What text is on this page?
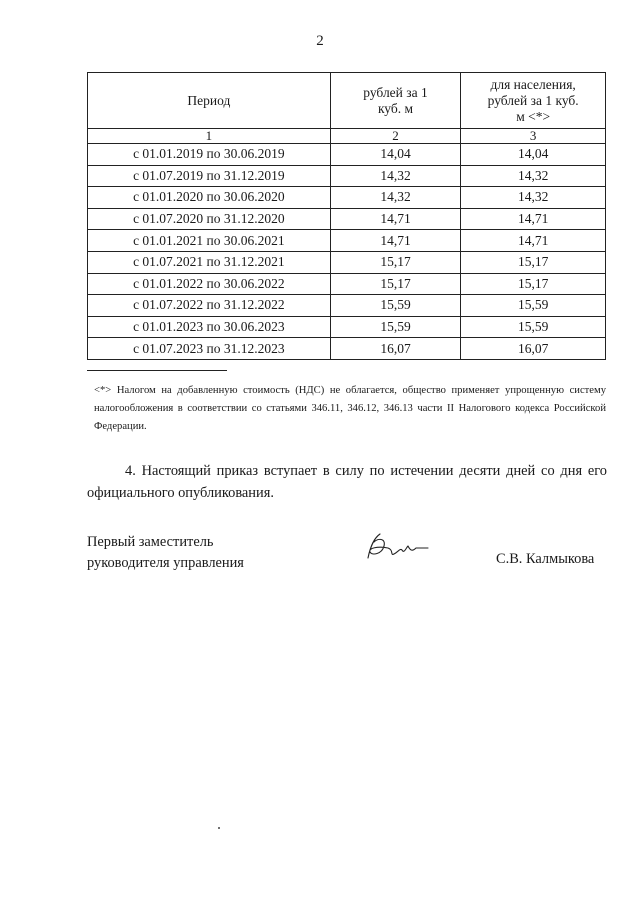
2
Период	рублей за 1 куб. м	для населения, рублей за 1 куб. м <*>
1	2	3
с 01.01.2019 по 30.06.2019	14,04	14,04
с 01.07.2019 по 31.12.2019	14,32	14,32
с 01.01.2020 по 30.06.2020	14,32	14,32
с 01.07.2020 по 31.12.2020	14,71	14,71
с 01.01.2021 по 30.06.2021	14,71	14,71
с 01.07.2021 по 31.12.2021	15,17	15,17
с 01.01.2022 по 30.06.2022	15,17	15,17
с 01.07.2022 по 31.12.2022	15,59	15,59
с 01.01.2023 по 30.06.2023	15,59	15,59
с 01.07.2023 по 31.12.2023	16,07	16,07
<*> Налогом на добавленную стоимость (НДС) не облагается, общество применяет упрощенную систему налогообложения в соответствии со статьями 346.11, 346.12, 346.13 части II Налогового кодекса Российской Федерации.
4. Настоящий приказ вступает в силу по истечении десяти дней со дня его официального опубликования.
Первый заместитель
руководителя управления	С.В. Калмыкова
